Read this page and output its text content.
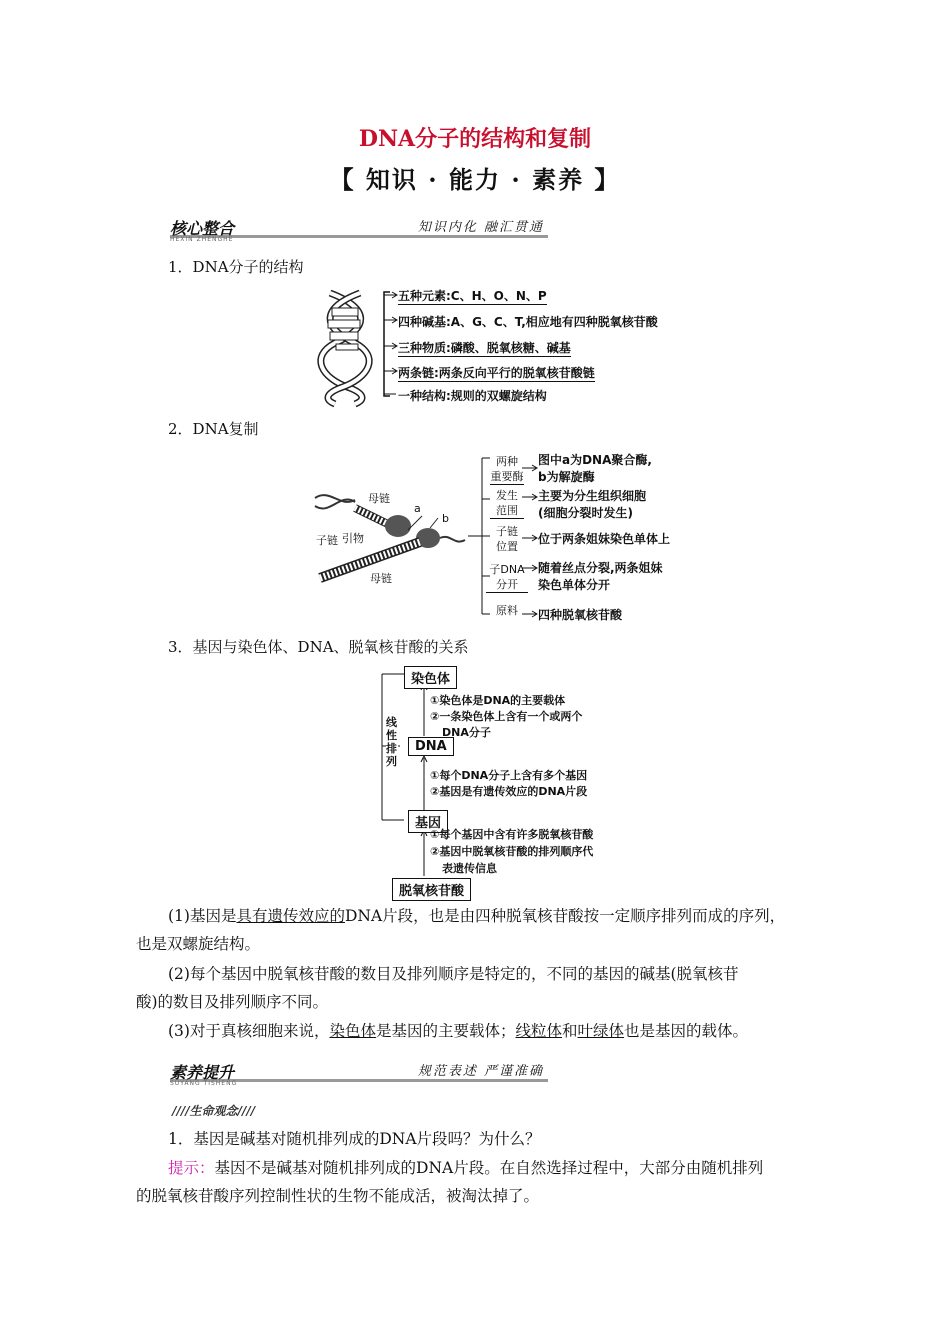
DNA分子的结构和复制
【 知识 · 能力 · 素养 】
核心整合
HEXIN ZHENGHE
知识内化 融汇贯通
1．DNA分子的结构
五种元素:C、H、O、N、P
四种碱基:A、G、C、T,相应地有四种脱氧核苷酸
三种物质:磷酸、脱氧核糖、碱基
两条链:两条反向平行的脱氧核苷酸链
一种结构:规则的双螺旋结构
2．DNA复制
母链
a
b
子链 引物
母链
两种
重要酶
图中a为DNA聚合酶,
b为解旋酶
发生
范围
主要为分生组织细胞
(细胞分裂时发生)
子链
位置
位于两条姐妹染色单体上
子DNA
分开
随着丝点分裂,两条姐妹
染色单体分开
原料	四种脱氧核苷酸
3．基因与染色体、DNA、脱氧核苷酸的关系
染色体
DNA
基因
脱氧核苷酸
线
性
排
列
①染色体是DNA的主要载体
②一条染色体上含有一个或两个
DNA分子
①每个DNA分子上含有多个基因
②基因是有遗传效应的DNA片段
①每个基因中含有许多脱氧核苷酸
②基因中脱氧核苷酸的排列顺序代
表遗传信息
(1)基因是具有遗传效应的DNA片段，也是由四种脱氧核苷酸按一定顺序排列而成的序列，
也是双螺旋结构。
(2)每个基因中脱氧核苷酸的数目及排列顺序是特定的，不同的基因的碱基(脱氧核苷
酸)的数目及排列顺序不同。
(3)对于真核细胞来说，染色体是基因的主要载体；线粒体和叶绿体也是基因的载体。
素养提升
SUYANG TISHENG
规范表述 严谨准确
////生命观念////
1．基因是碱基对随机排列成的DNA片段吗？为什么？
提示：基因不是碱基对随机排列成的DNA片段。在自然选择过程中，大部分由随机排列
的脱氧核苷酸序列控制性状的生物不能成活，被淘汰掉了。
